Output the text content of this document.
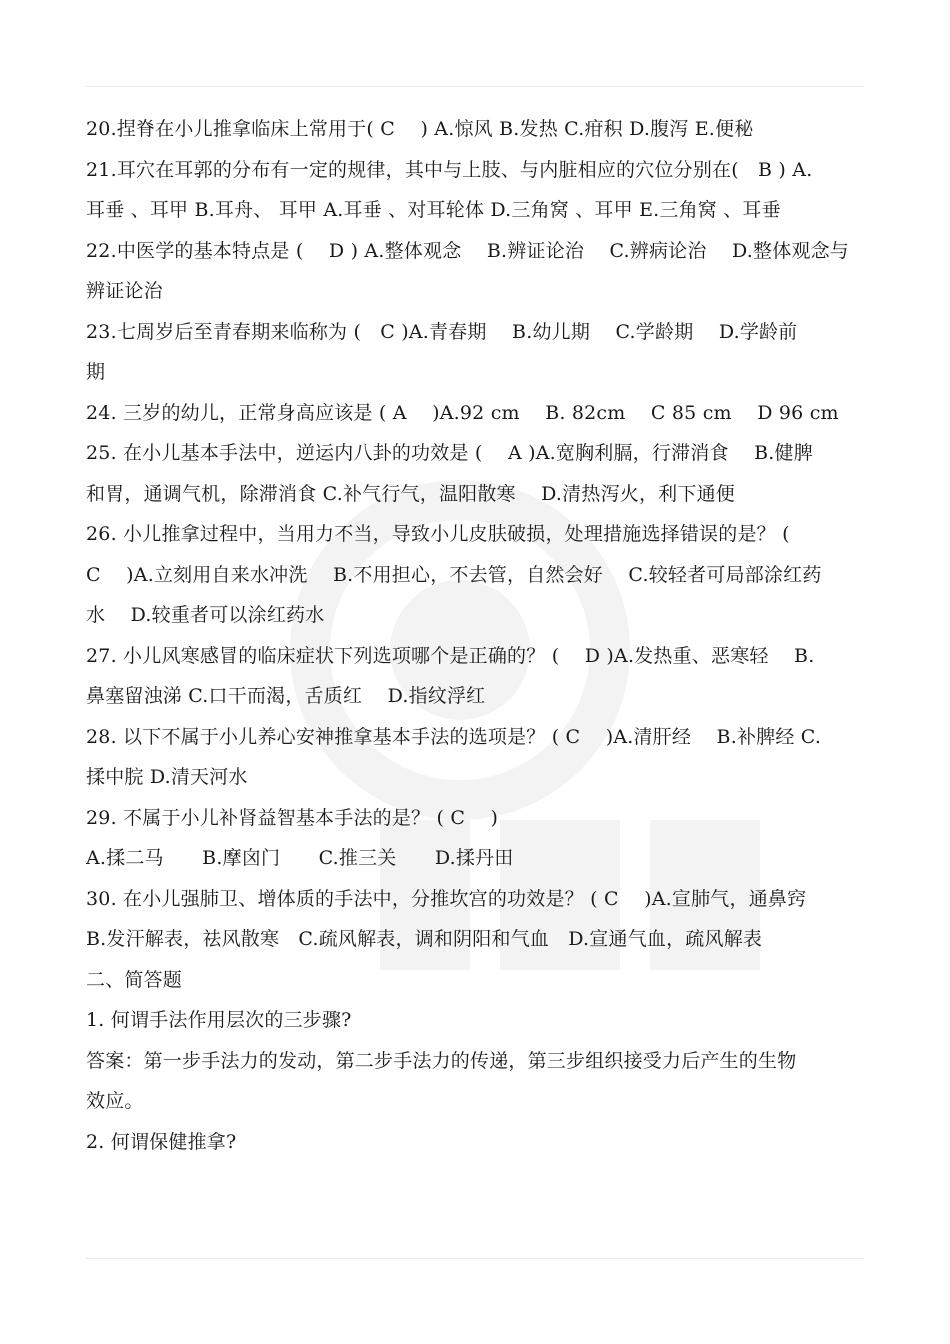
20.捏脊在小儿推拿临床上常用于( C　 ) A.惊风 B.发热 C.疳积 D.腹泻 E.便秘
21.耳穴在耳郭的分布有一定的规律，其中与上肢、与内脏相应的穴位分别在(　B ) A.
耳垂 、耳甲 B.耳舟、 耳甲 A.耳垂 、对耳轮体 D.三角窝 、耳甲 E.三角窝 、耳垂
22.中医学的基本特点是 (　 D ) A.整体观念　 B.辨证论治　 C.辨病论治　 D.整体观念与
辨证论治
23.七周岁后至青春期来临称为 (　C )A.青春期　 B.幼儿期　 C.学龄期　 D.学龄前
期
24. 三岁的幼儿，正常身高应该是 ( A　 )A.92 cm　 B. 82cm　 C 85 cm　 D 96 cm
25. 在小儿基本手法中，逆运内八卦的功效是 (　 A )A.宽胸利膈，行滞消食　 B.健脾
和胃，通调气机，除滞消食 C.补气行气，温阳散寒　 D.清热泻火，利下通便
26. 小儿推拿过程中，当用力不当，导致小儿皮肤破损，处理措施选择错误的是？ (
C　 )A.立刻用自来水冲洗　 B.不用担心，不去管，自然会好　 C.较轻者可局部涂红药
水　 D.较重者可以涂红药水
27. 小儿风寒感冒的临床症状下列选项哪个是正确的？ (　 D )A.发热重、恶寒轻　 B.
鼻塞留浊涕 C.口干而渴，舌质红　 D.指纹浮红
28. 以下不属于小儿养心安神推拿基本手法的选项是？ ( C　 )A.清肝经　 B.补脾经 C.
揉中脘 D.清天河水
29. 不属于小儿补肾益智基本手法的是？ ( C　 )
A.揉二马　　B.摩囟门　　C.推三关　　D.揉丹田
30. 在小儿强肺卫、增体质的手法中，分推坎宫的功效是？ ( C　 )A.宣肺气，通鼻窍
B.发汗解表，祛风散寒　C.疏风解表，调和阴阳和气血　D.宣通气血，疏风解表
二、简答题
1. 何谓手法作用层次的三步骤?
答案：第一步手法力的发动，第二步手法力的传递，第三步组织接受力后产生的生物
效应。
2. 何谓保健推拿?
